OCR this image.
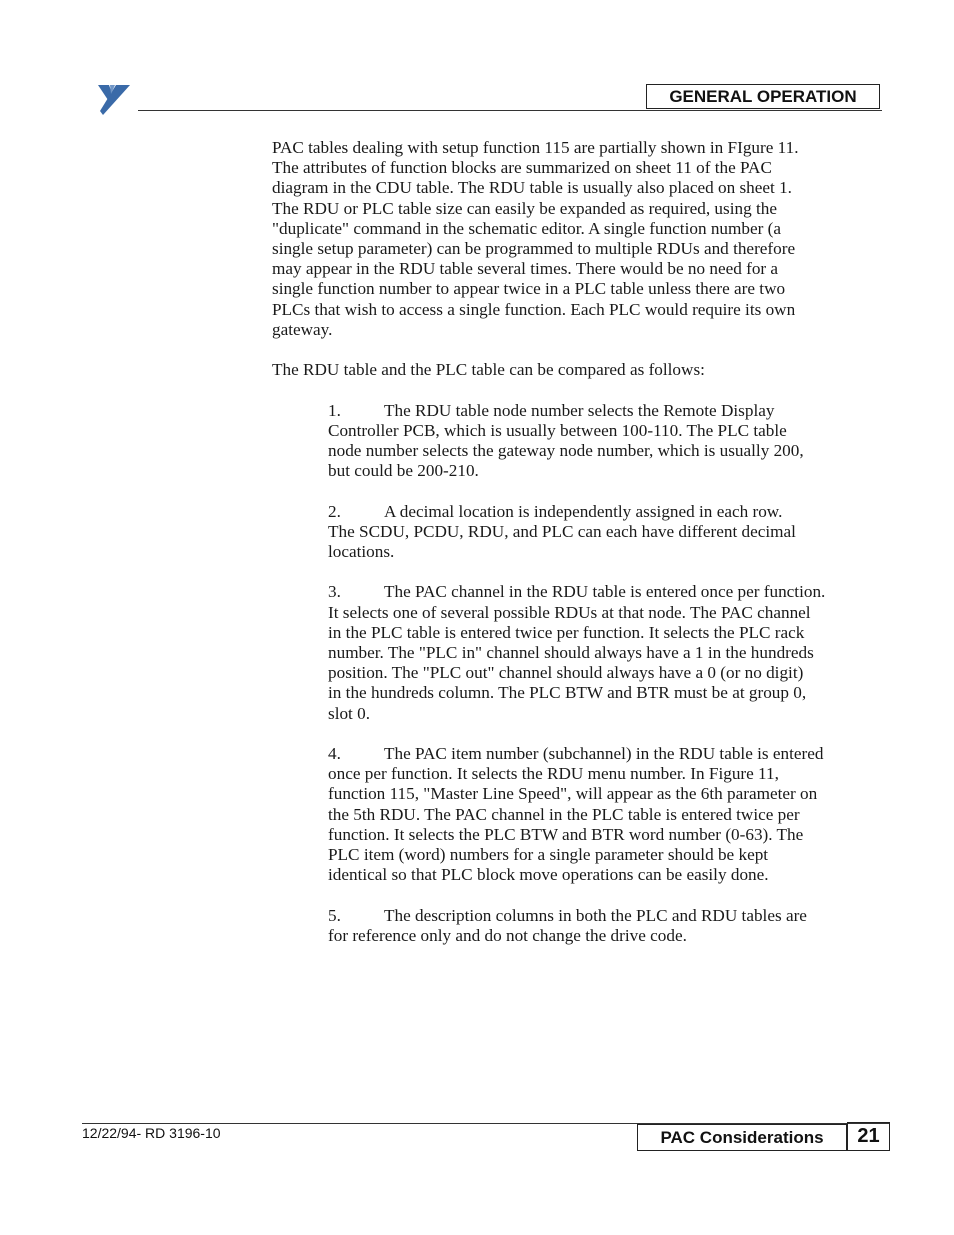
GENERAL OPERATION

PAC tables dealing with setup function 115 are partially shown in FIgure 11.
The attributes of function blocks are summarized on sheet 11 of the PAC
diagram in the CDU table. The RDU table is usually also placed on sheet 1.
The RDU or PLC table size can easily be expanded as required, using the
"duplicate" command in the schematic editor. A single function number (a
single setup parameter) can be programmed to multiple RDUs and therefore
may appear in the RDU table several times. There would be no need for a
single function number to appear twice in a PLC table unless there are two
PLCs that wish to access a single function. Each PLC would require its own
gateway.

The RDU table and the PLC table can be compared as follows:

1.	The RDU table node number selects the Remote Display
Controller PCB, which is usually between 100-110. The PLC table
node number selects the gateway node number, which is usually 200,
but could be 200-210.
2.	A decimal location is independently assigned in each row.
The SCDU, PCDU, RDU, and PLC can each have different decimal
locations.
3.	The PAC channel in the RDU table is entered once per function.
It selects one of several possible RDUs at that node. The PAC channel
in the PLC table is entered twice per function. It selects the PLC rack
number. The "PLC in" channel should always have a 1 in the hundreds
position. The "PLC out" channel should always have a 0 (or no digit)
in the hundreds column. The PLC BTW and BTR must be at group 0,
slot 0.
4.	The PAC item number (subchannel) in the RDU table is entered
once per function. It selects the RDU menu number. In Figure 11,
function 115, "Master Line Speed", will appear as the 6th parameter on
the 5th RDU. The PAC channel in the PLC table is entered twice per
function. It selects the PLC BTW and BTR word number (0-63). The
PLC item (word) numbers for a single parameter should be kept
identical so that PLC block move operations can be easily done.
5.	The description columns in both the PLC and RDU tables are
for reference only and do not change the drive code.
12/22/94- RD 3196-10	PAC Considerations	21
